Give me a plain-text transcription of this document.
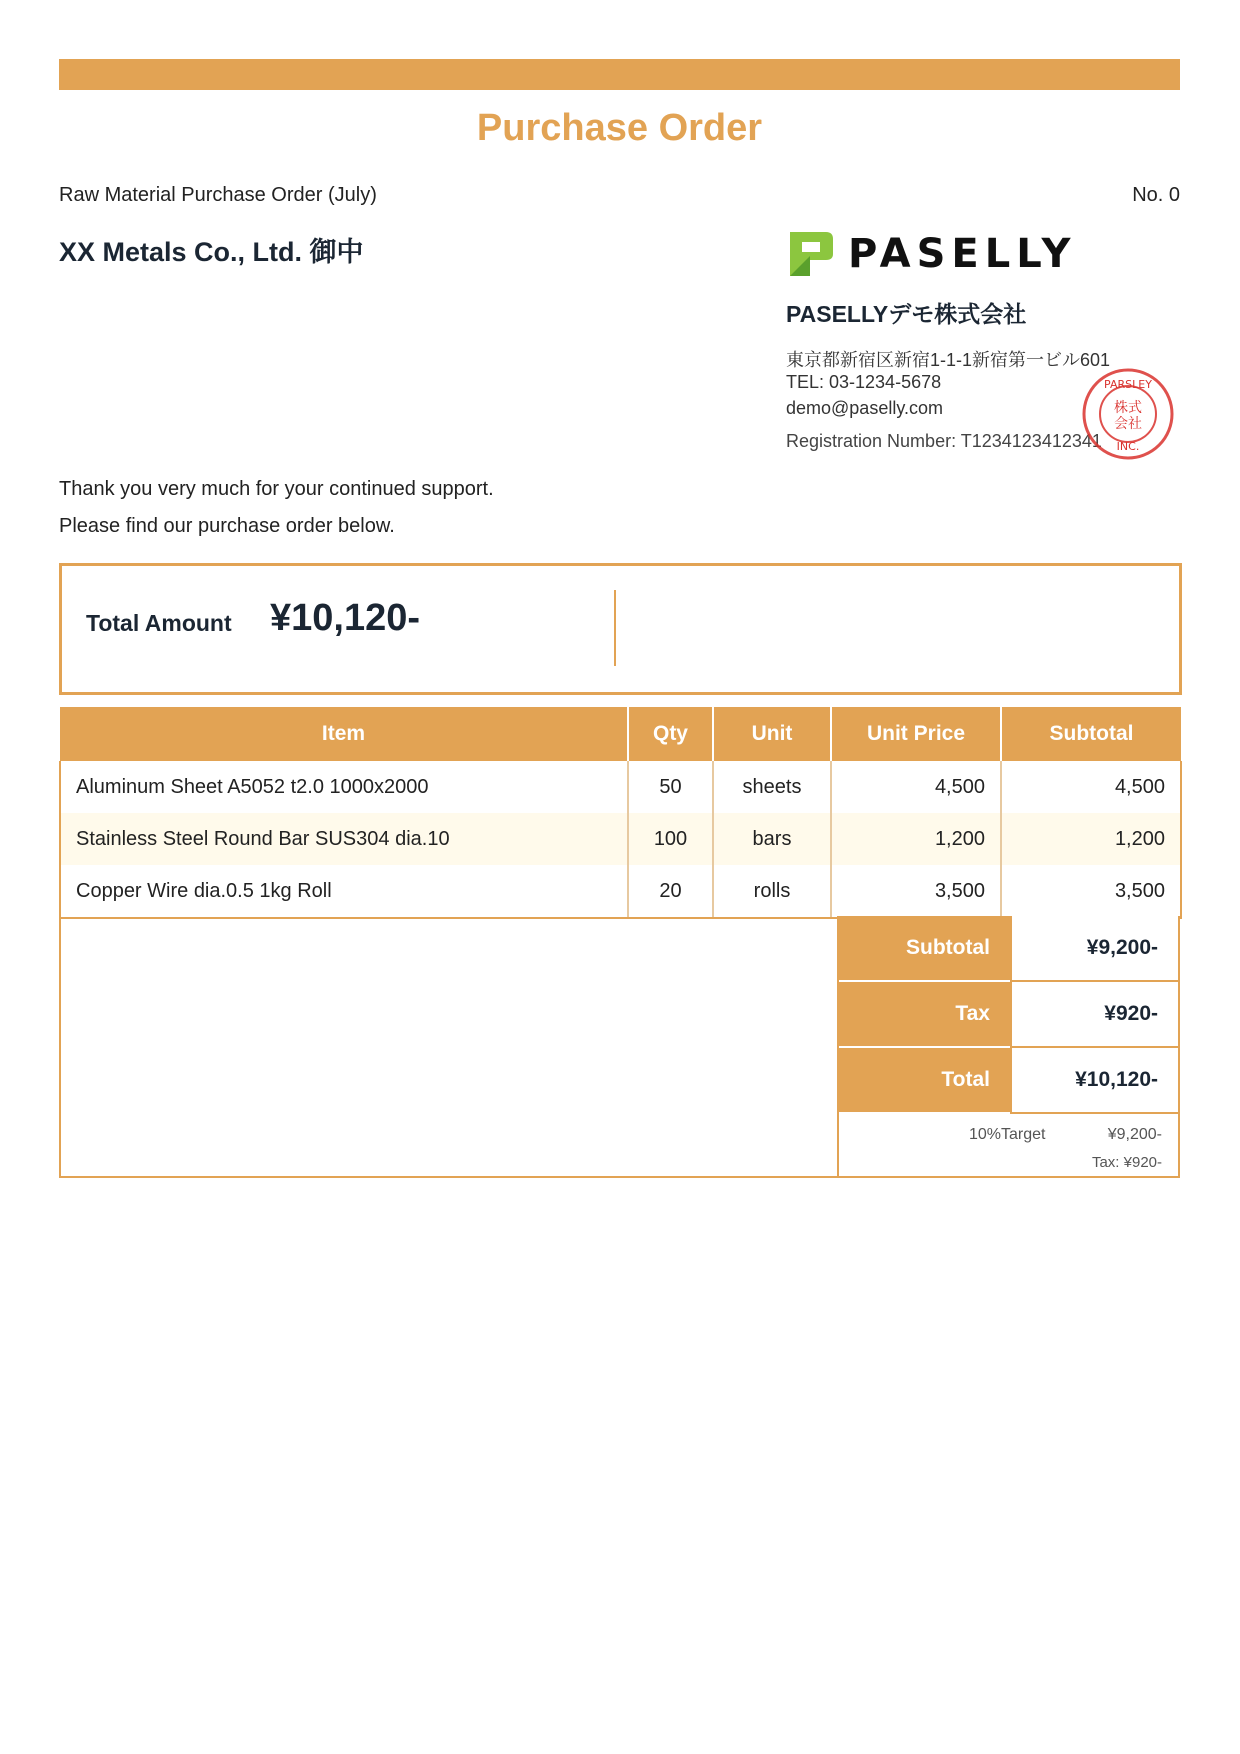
Purchase Order
Raw Material Purchase Order (July)	No. 0
XX Metals Co., Ltd. 御中	PASELLY
PASELLYデモ株式会社
東京都新宿区新宿1-1-1新宿第一ビル601
TEL: 03-1234-5678
demo@paselly.com
Registration Number: T1234123412341
PARSLEY
株式
会社
INC.
Thank you very much for your continued support.
Please find our purchase order below.
Total Amount ¥10,120-
Item	Qty	Unit	Unit Price	Subtotal
Aluminum Sheet A5052 t2.0 1000x2000	50	sheets	4,500	4,500
Stainless Steel Round Bar SUS304 dia.10	100	bars	1,200	1,200
Copper Wire dia.0.5 1kg Roll	20	rolls	3,500	3,500
Subtotal	¥9,200-
Tax	¥920-
Total	¥10,120-
10%Target	¥9,200-
Tax: ¥920-
